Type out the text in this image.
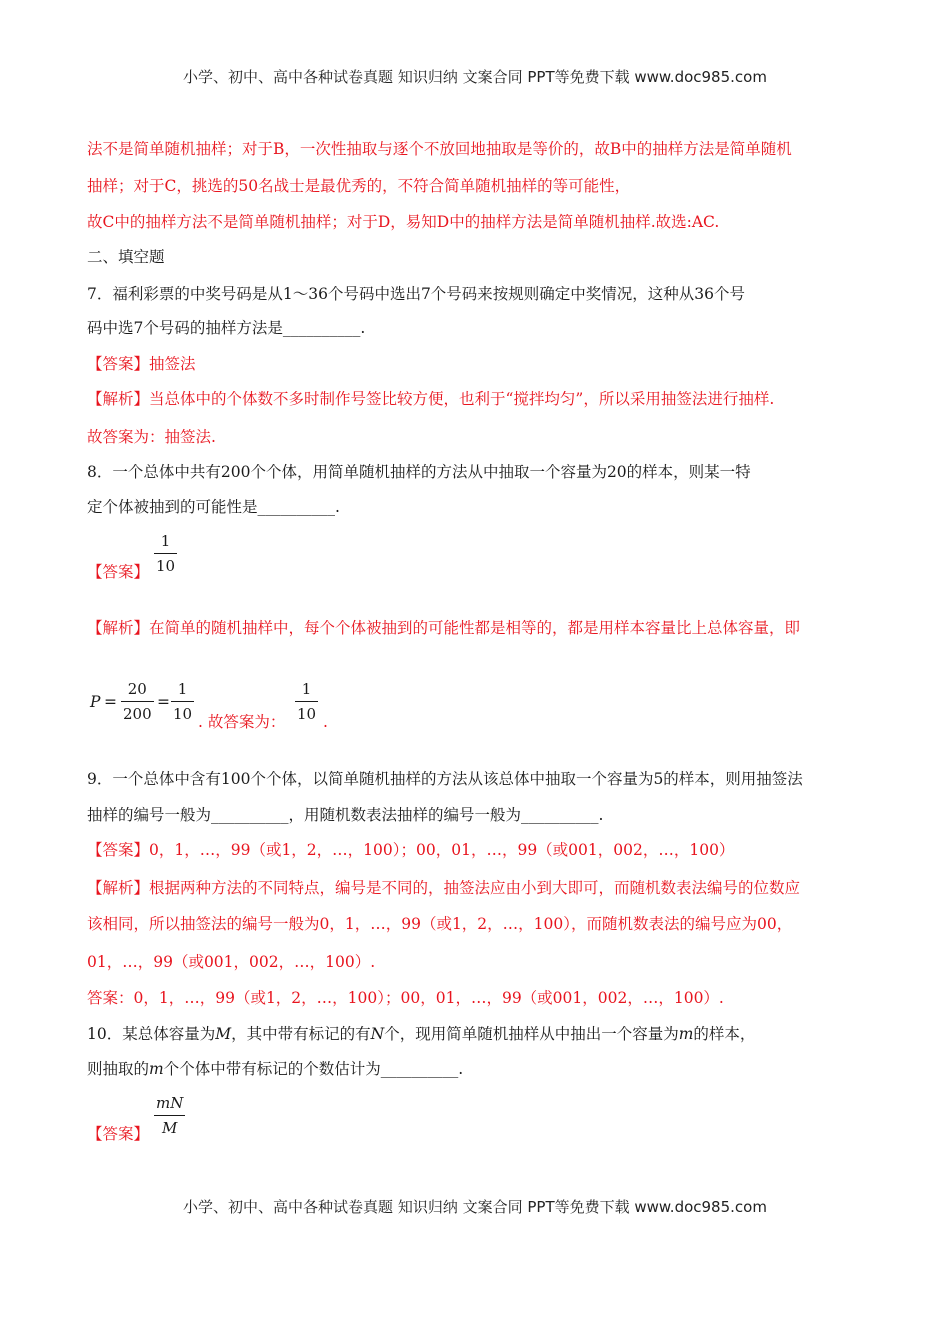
小学、初中、高中各种试卷真题 知识归纳 文案合同 PPT等免费下载 www.doc985.com
法不是简单随机抽样；对于B，一次性抽取与逐个不放回地抽取是等价的，故B中的抽样方法是简单随机
抽样；对于C，挑选的50名战士是最优秀的，不符合简单随机抽样的等可能性，
故C中的抽样方法不是简单随机抽样；对于D，易知D中的抽样方法是简单随机抽样.故选:AC.
二、填空题
7．福利彩票的中奖号码是从1～36个号码中选出7个号码来按规则确定中奖情况，这种从36个号
码中选7个号码的抽样方法是__________.
【答案】抽签法
【解析】当总体中的个体数不多时制作号签比较方便，也利于“搅拌均匀”，所以采用抽签法进行抽样.
故答案为：抽签法.
8．一个总体中共有200个个体，用简单随机抽样的方法从中抽取一个容量为20的样本，则某一特
定个体被抽到的可能性是__________.
【答案】
1
10
【解析】在简单的随机抽样中，每个个体被抽到的可能性都是相等的，都是用样本容量比上总体容量，即
P =
20
200
=
1
10 . 故答案为：
1
10 .
9．一个总体中含有100个个体，以简单随机抽样的方法从该总体中抽取一个容量为5的样本，则用抽签法
抽样的编号一般为__________，用随机数表法抽样的编号一般为__________.
【答案】0，1，…，99（或1，2，…，100）；00，01，…，99（或001，002，…，100）
【解析】根据两种方法的不同特点，编号是不同的，抽签法应由小到大即可，而随机数表法编号的位数应
该相同，所以抽签法的编号一般为0，1，…，99（或1，2，…，100），而随机数表法的编号应为00，
01，…，99（或001，002，…，100）.
答案：0，1，…，99（或1，2，…，100）；00，01，…，99（或001，002，…，100）.
10．某总体容量为M，其中带有标记的有N个，现用简单随机抽样从中抽出一个容量为m的样本，
则抽取的m个个体中带有标记的个数估计为__________.
【答案】
mN
M
小学、初中、高中各种试卷真题 知识归纳 文案合同 PPT等免费下载 www.doc985.com
